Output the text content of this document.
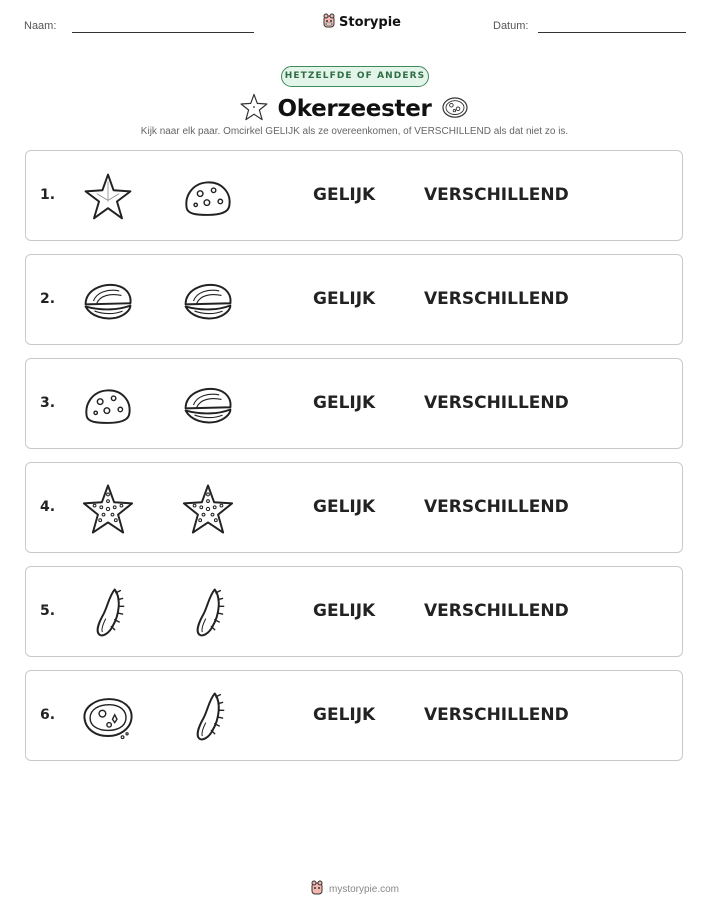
Naam:	Storypie	Datum:
HETZELFDE OF ANDERS
Okerzeester
Kijk naar elk paar. Omcirkel GELIJK als ze overeenkomen, of VERSCHILLEND als dat niet zo is.
1.	GELIJK	VERSCHILLEND
2.	GELIJK	VERSCHILLEND
3.	GELIJK	VERSCHILLEND
4.	GELIJK	VERSCHILLEND
5.	GELIJK	VERSCHILLEND
6.	GELIJK	VERSCHILLEND
mystorypie.com
